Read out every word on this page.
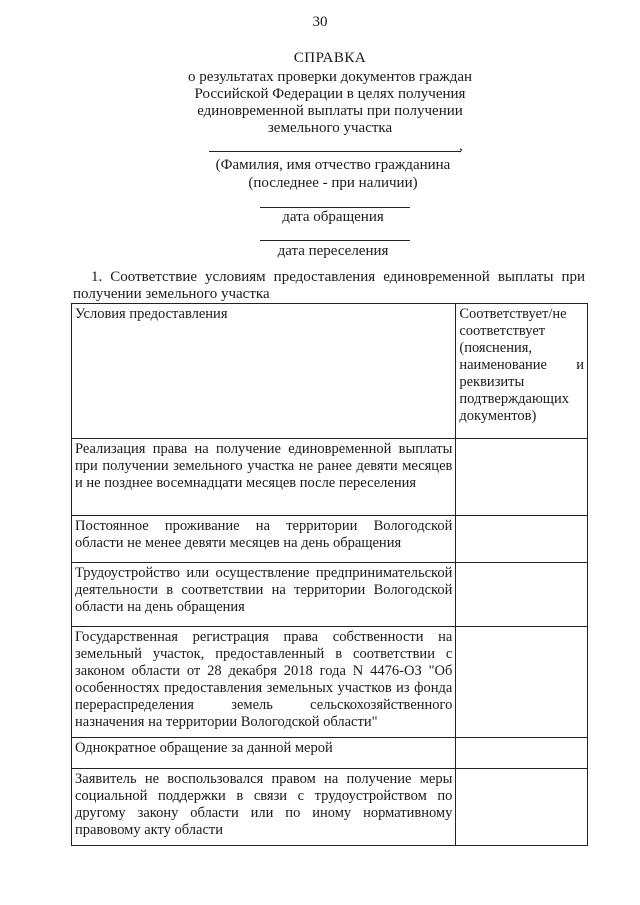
30
СПРАВКА
о результатах проверки документов граждан
Российской Федерации в целях получения
единовременной выплаты при получении
земельного участка
,
(Фамилия, имя отчество гражданина
(последнее - при наличии)
дата обращения
дата переселения
1. Соответствие условиям предоставления единовременной выплаты при получении земельного участка
Условия предоставления	Соответствует/не соответствует (пояснения, наименование и реквизиты подтверждающих документов)
Реализация права на получение единовременной выплаты при получении земельного участка не ранее девяти месяцев и не позднее восемнадцати месяцев после переселения	
Постоянное проживание на территории Вологодской области не менее девяти месяцев на день обращения	
Трудоустройство или осуществление предпринимательской деятельности в соответствии на территории Вологодской области на день обращения	
Государственная регистрация права собственности на земельный участок, предоставленный в соответствии с законом области от 28 декабря 2018 года N 4476-ОЗ "Об особенностях предоставления земельных участков из фонда перераспределения земель сельскохозяйственного назначения на территории Вологодской области"	
Однократное обращение за данной мерой	
Заявитель не воспользовался правом на получение меры социальной поддержки в связи с трудоустройством по другому закону области или по иному нормативному правовому акту области	
